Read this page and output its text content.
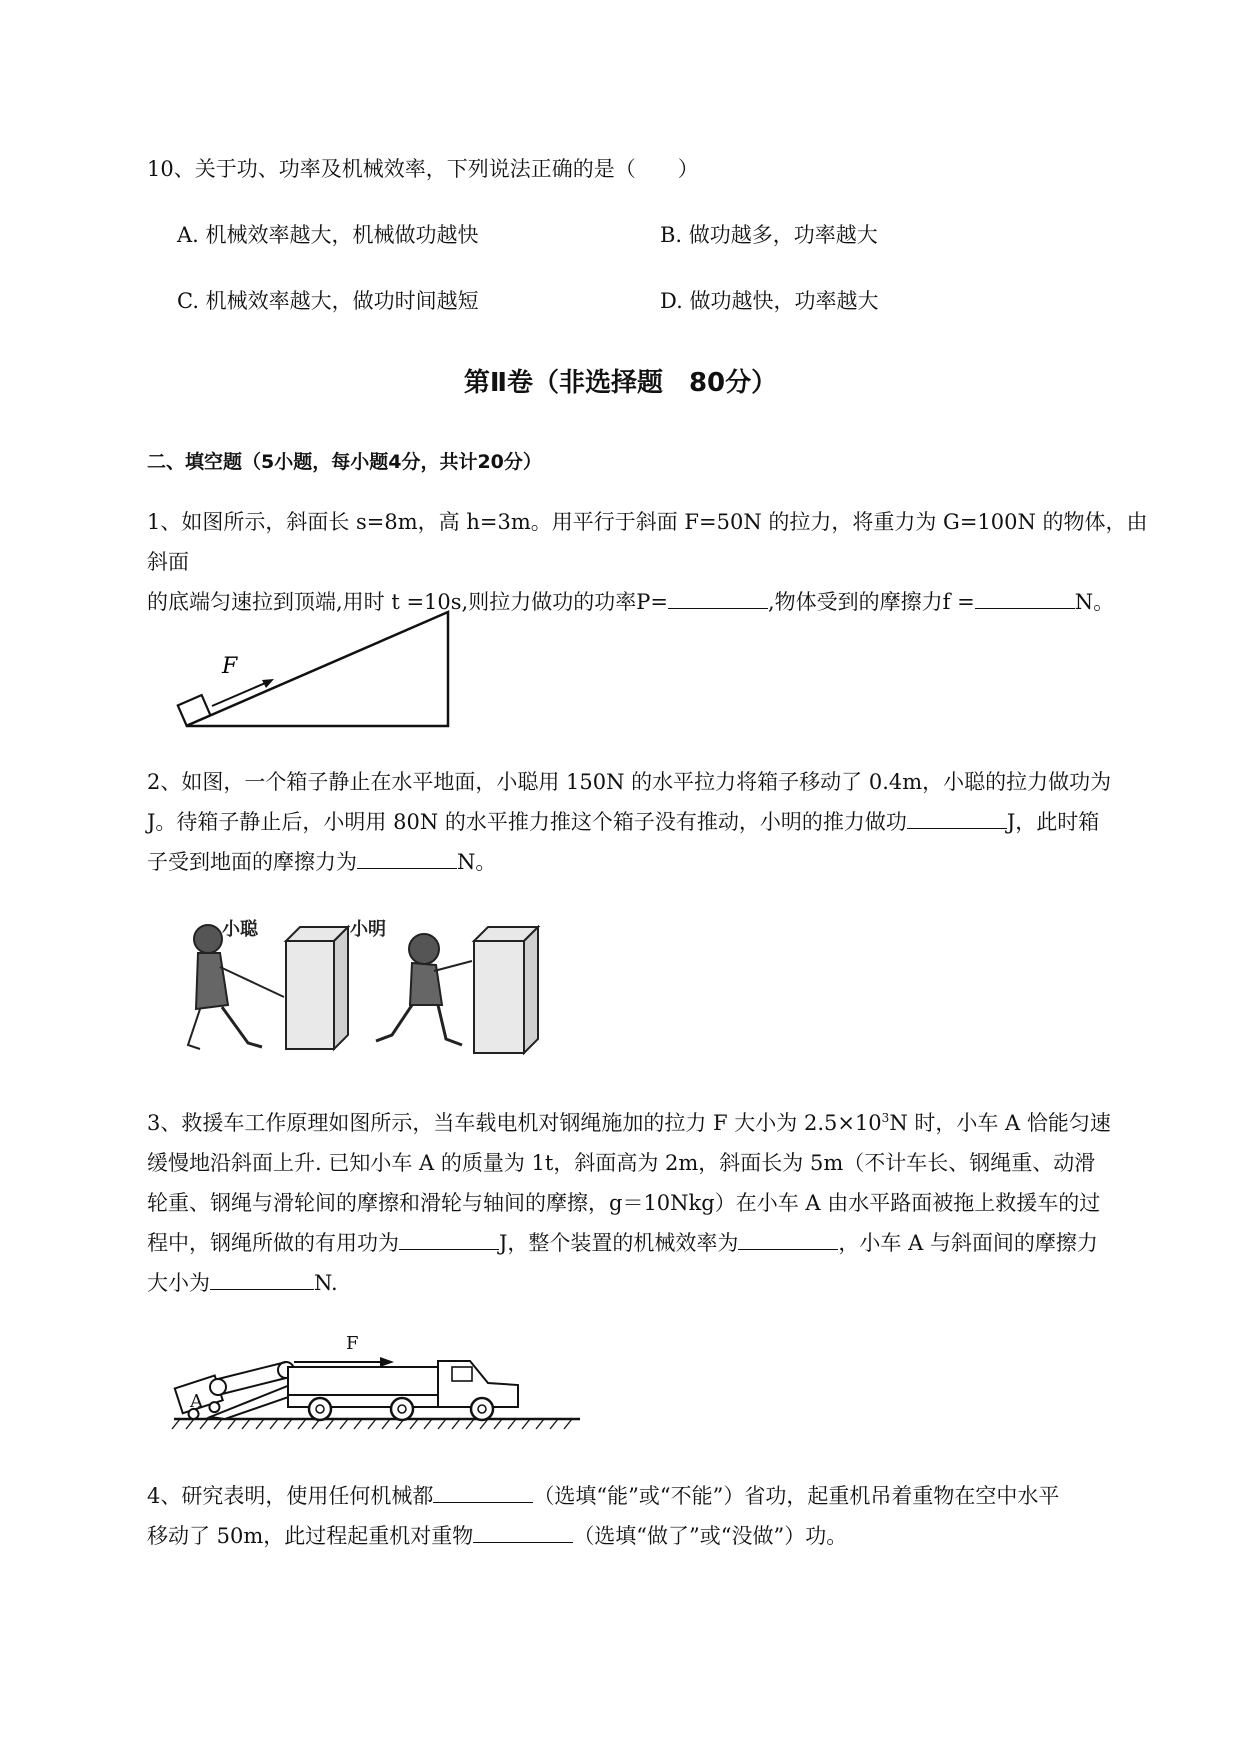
10、关于功、功率及机械效率，下列说法正确的是（　　）
A. 机械效率越大，机械做功越快	B. 做功越多，功率越大
C. 机械效率越大，做功时间越短	D. 做功越快，功率越大
第Ⅱ卷（非选择题　80分）
二、填空题（5小题，每小题4分，共计20分）
1、如图所示，斜面长 s=8m，高 h=3m。用平行于斜面 F=50N 的拉力，将重力为 G=100N 的物体，由斜面
的底端匀速拉到顶端,用时 t =10s,则拉力做功的功率P=	,物体受到的摩擦力f =	N。
F
2、如图，一个箱子静止在水平地面，小聪用 150N 的水平拉力将箱子移动了 0.4m，小聪的拉力做功为
J。待箱子静止后，小明用 80N 的水平推力推这个箱子没有推动，小明的推力做功	J，此时箱
子受到地面的摩擦力为	N。
小聪	小明
3、救援车工作原理如图所示，当车载电机对钢绳施加的拉力 F 大小为 $2.5\times 10^3N$ 时，小车 A 恰能匀速
缓慢地沿斜面上升. 已知小车 A 的质量为 1t，斜面高为 2m，斜面长为 5m（不计车长、钢绳重、动滑
轮重、钢绳与滑轮间的摩擦和滑轮与轴间的摩擦，g＝10Nkg）在小车 A 由水平路面被拖上救援车的过
程中，钢绳所做的有用功为	J，整个装置的机械效率为	，小车 A 与斜面间的摩擦力
大小为	N.
A
F
4、研究表明，使用任何机械都	（选填“能”或“不能”）省功，起重机吊着重物在空中水平
移动了 50m，此过程起重机对重物	（选填“做了”或“没做”）功。
